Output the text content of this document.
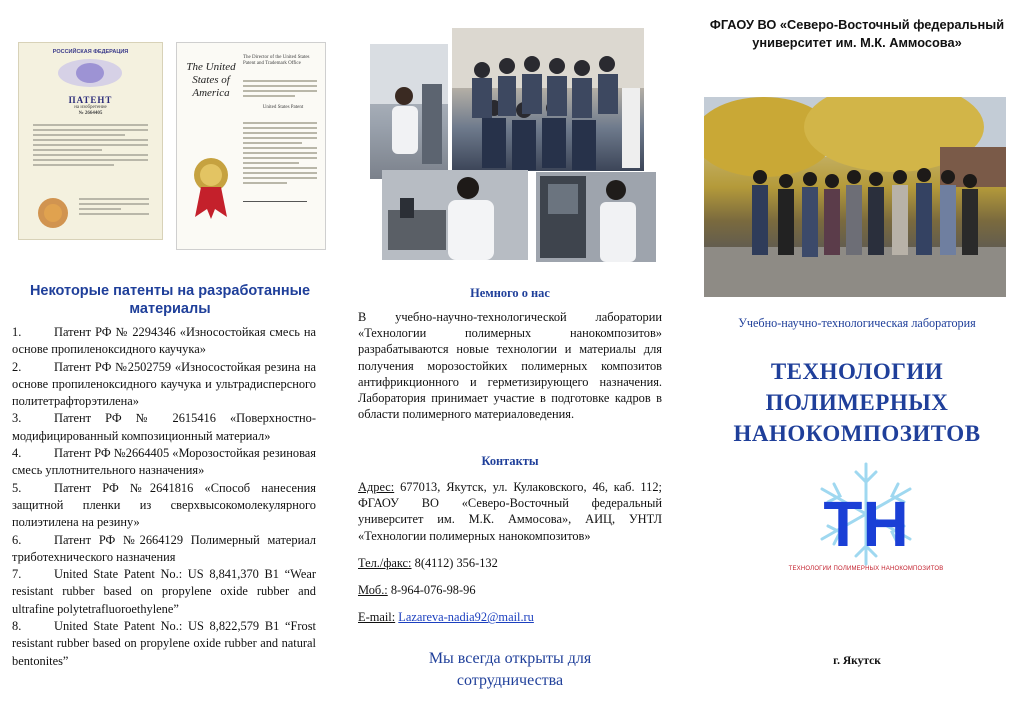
РОССИЙСКАЯ ФЕДЕРАЦИЯ
ПАТЕНТ
на изобретение
№ 2664405
The United States of America
The Director of the United States Patent and Trademark Office
United States Patent
Некоторые патенты на разработанные материалы
1.	Патент РФ № 2294346 «Износостойкая смесь на основе пропиленоксидного каучука»
2.	Патент РФ №2502759 «Износостойкая резина на основе пропиленоксидного каучука и ультрадисперсного политетрафторэтилена»
3.	Патент РФ № 2615416 «Поверхностно-модифицированный композиционный материал»
4.	Патент РФ №2664405 «Морозостойкая резиновая смесь уплотнительного назначения»
5.	Патент РФ №2641816 «Способ нанесения защитной пленки из сверхвысокомолекулярного полиэтилена на резину»
6.	Патент РФ №2664129 Полимерный материал триботехнического назначения
7.	United State Patent No.: US 8,841,370 B1 “Wear resistant rubber based on propylene oxide rubber and ultrafine polytetrafluoroethylene”
8.	United State Patent No.: US 8,822,579 B1 “Frost resistant rubber based on propylene oxide rubber and natural bentonites”
Немного о нас
В учебно-научно-технологической лаборатории «Технологии полимерных нанокомпозитов» разрабатываются новые технологии и материалы для получения морозостойких полимерных композитов антифрикционного и герметизирующего назначения. Лаборатория принимает участие в подготовке кадров в области полимерного материаловедения.
Контакты
Адрес: 677013, Якутск, ул. Кулаковского, 46, каб. 112; ФГАОУ ВО «Северо-Восточный федеральный университет им. М.К. Аммосова», АИЦ, УНТЛ «Технологии полимерных нанокомпозитов»
Тел./факс: 8(4112) 356-132
Моб.: 8-964-076-98-96
E-mail: Lazareva-nadia92@mail.ru
Мы всегда открыты для сотрудничества
ФГАОУ ВО «Северо-Восточный федеральный университет им. М.К. Аммосова»
Учебно-научно-технологическая лаборатория
ТЕХНОЛОГИИ ПОЛИМЕРНЫХ НАНОКОМПОЗИТОВ
ТН
ТЕХНОЛОГИИ ПОЛИМЕРНЫХ НАНОКОМПОЗИТОВ
г. Якутск
